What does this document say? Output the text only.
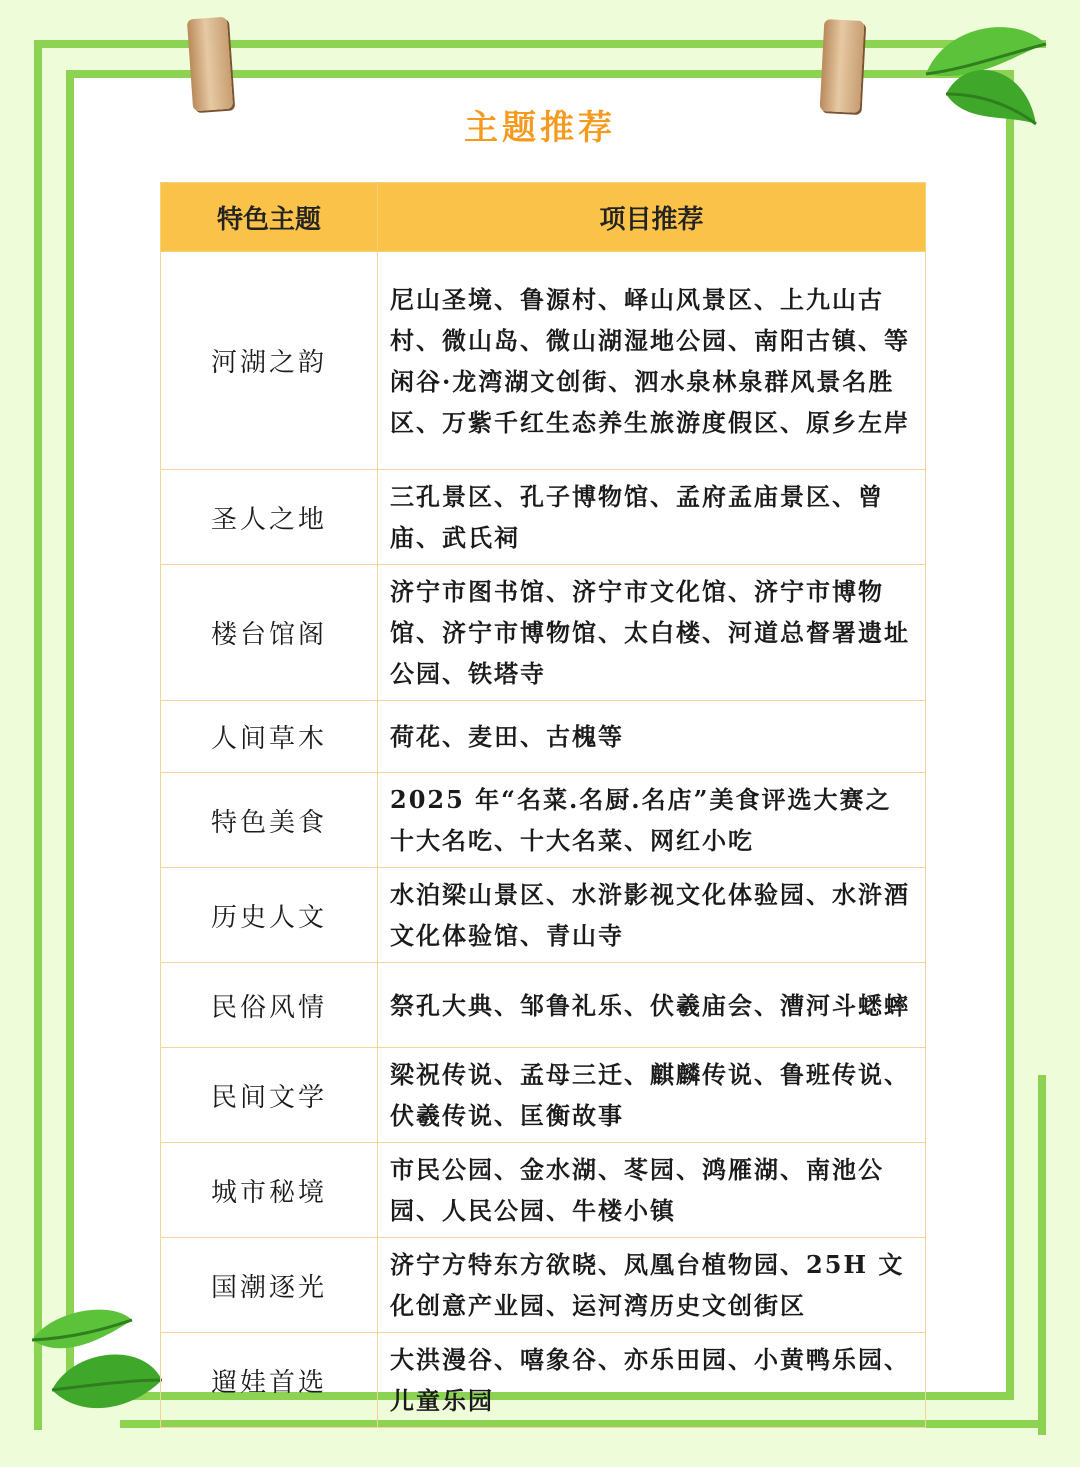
主题推荐
特色主题	项目推荐
河湖之韵	尼山圣境、鲁源村、峄山风景区、上九山古村、微山岛、微山湖湿地公园、南阳古镇、等闲谷·龙湾湖文创街、泗水泉林泉群风景名胜区、万紫千红生态养生旅游度假区、原乡左岸
圣人之地	三孔景区、孔子博物馆、孟府孟庙景区、曾庙、武氏祠
楼台馆阁	济宁市图书馆、济宁市文化馆、济宁市博物馆、济宁市博物馆、太白楼、河道总督署遗址公园、铁塔寺
人间草木	荷花、麦田、古槐等
特色美食	2025 年“名菜.名厨.名店”美食评选大赛之十大名吃、十大名菜、网红小吃
历史人文	水泊梁山景区、水浒影视文化体验园、水浒酒文化体验馆、青山寺
民俗风情	祭孔大典、邹鲁礼乐、伏羲庙会、漕河斗蟋蟀
民间文学	梁祝传说、孟母三迁、麒麟传说、鲁班传说、伏羲传说、匡衡故事
城市秘境	市民公园、金水湖、苳园、鸿雁湖、南池公园、人民公园、牛楼小镇
国潮逐光	济宁方特东方欲晓、凤凰台植物园、25H 文化创意产业园、运河湾历史文创街区
遛娃首选	大洪漫谷、嘻象谷、亦乐田园、小黄鸭乐园、儿童乐园
